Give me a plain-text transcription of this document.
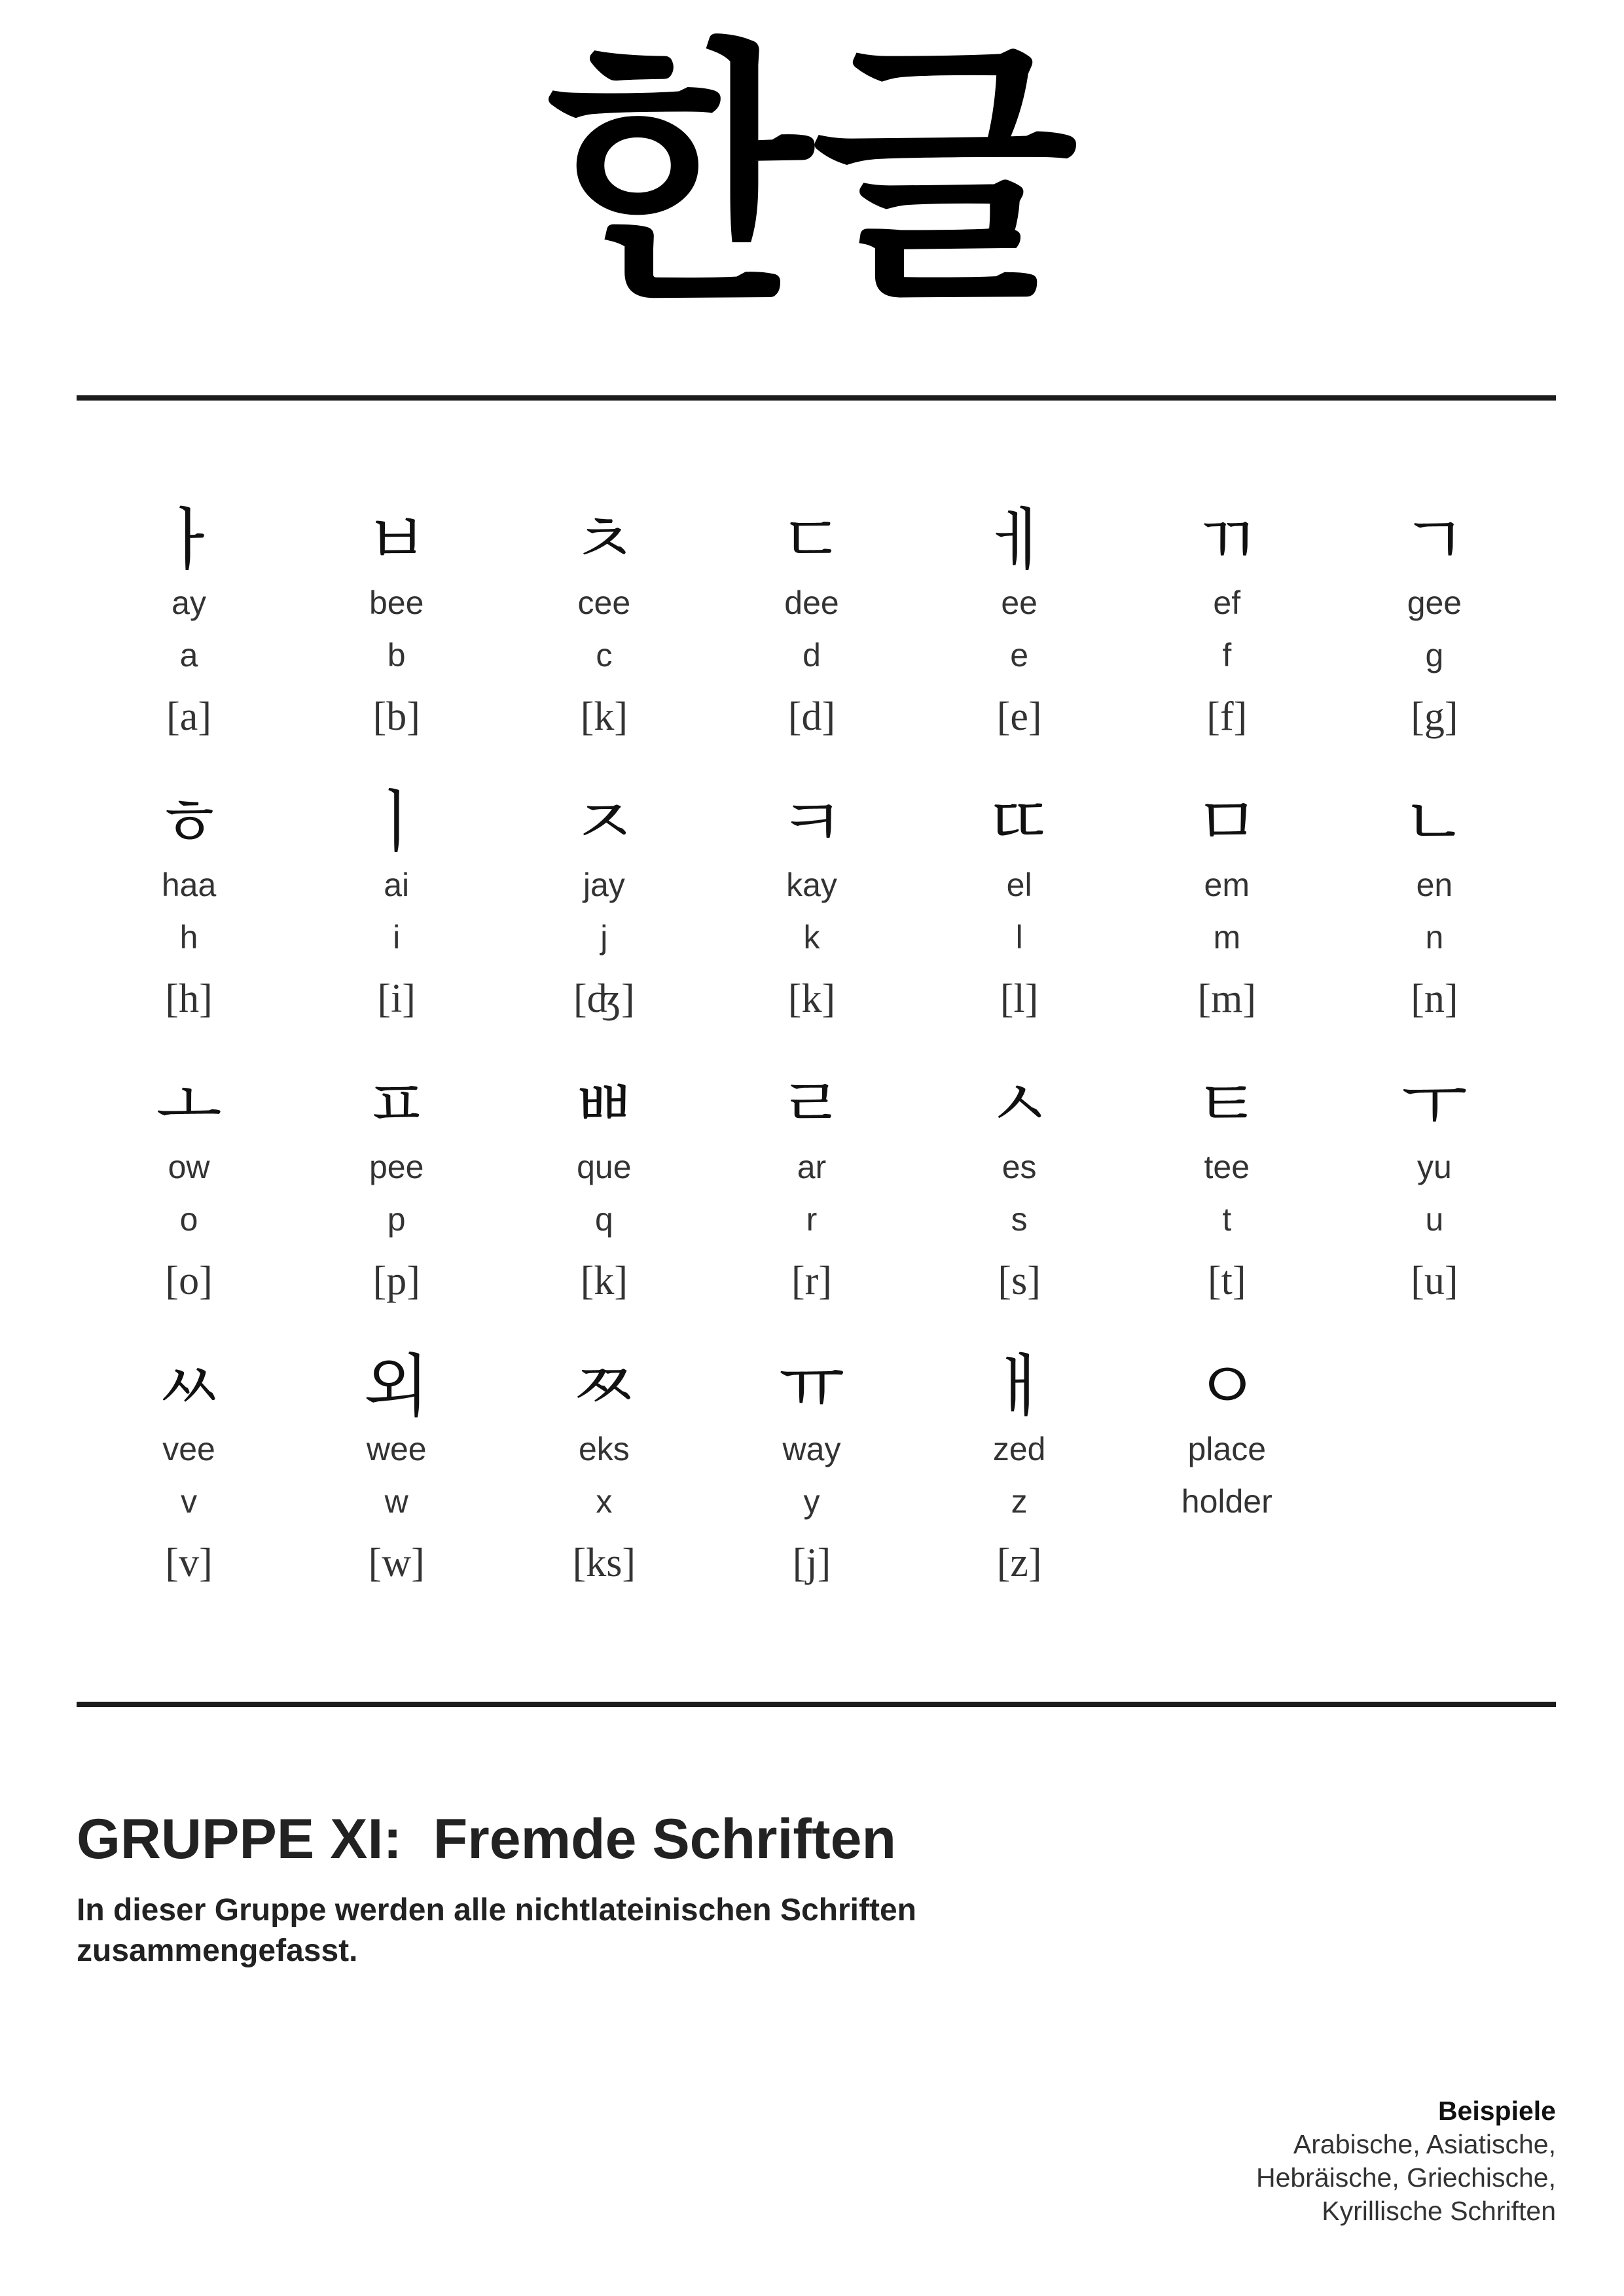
한글
ㅏ
ay
a
[a]
ㅂ
bee
b
[b]
ㅊ
cee
c
[k]
ㄷ
dee
d
[d]
ㅔ
ee
e
[e]
ㄲ
ef
f
[f]
ㄱ
gee
g
[g]
ㅎ
haa
h
[h]
ㅣ
ai
i
[i]
ㅈ
jay
j
[ʤ]
ㅋ
kay
k
[k]
ㄸ
el
l
[l]
ㅁ
em
m
[m]
ㄴ
en
n
[n]
ㅗ
ow
o
[o]
ㅍ
pee
p
[p]
ㅃ
que
q
[k]
ㄹ
ar
r
[r]
ㅅ
es
s
[s]
ㅌ
tee
t
[t]
ㅜ
yu
u
[u]
ㅆ
vee
v
[v]
외
wee
w
[w]
ㅉ
eks
x
[ks]
ㅠ
way
y
[j]
ㅐ
zed
z
[z]
ㅇ
place
holder
GRUPPE XI:  Fremde Schriften

In dieser Gruppe werden alle nichtlateinischen Schriften zusammengefasst.

Beispiele
Arabische, Asiatische,
Hebräische, Griechische,
Kyrillische Schriften
